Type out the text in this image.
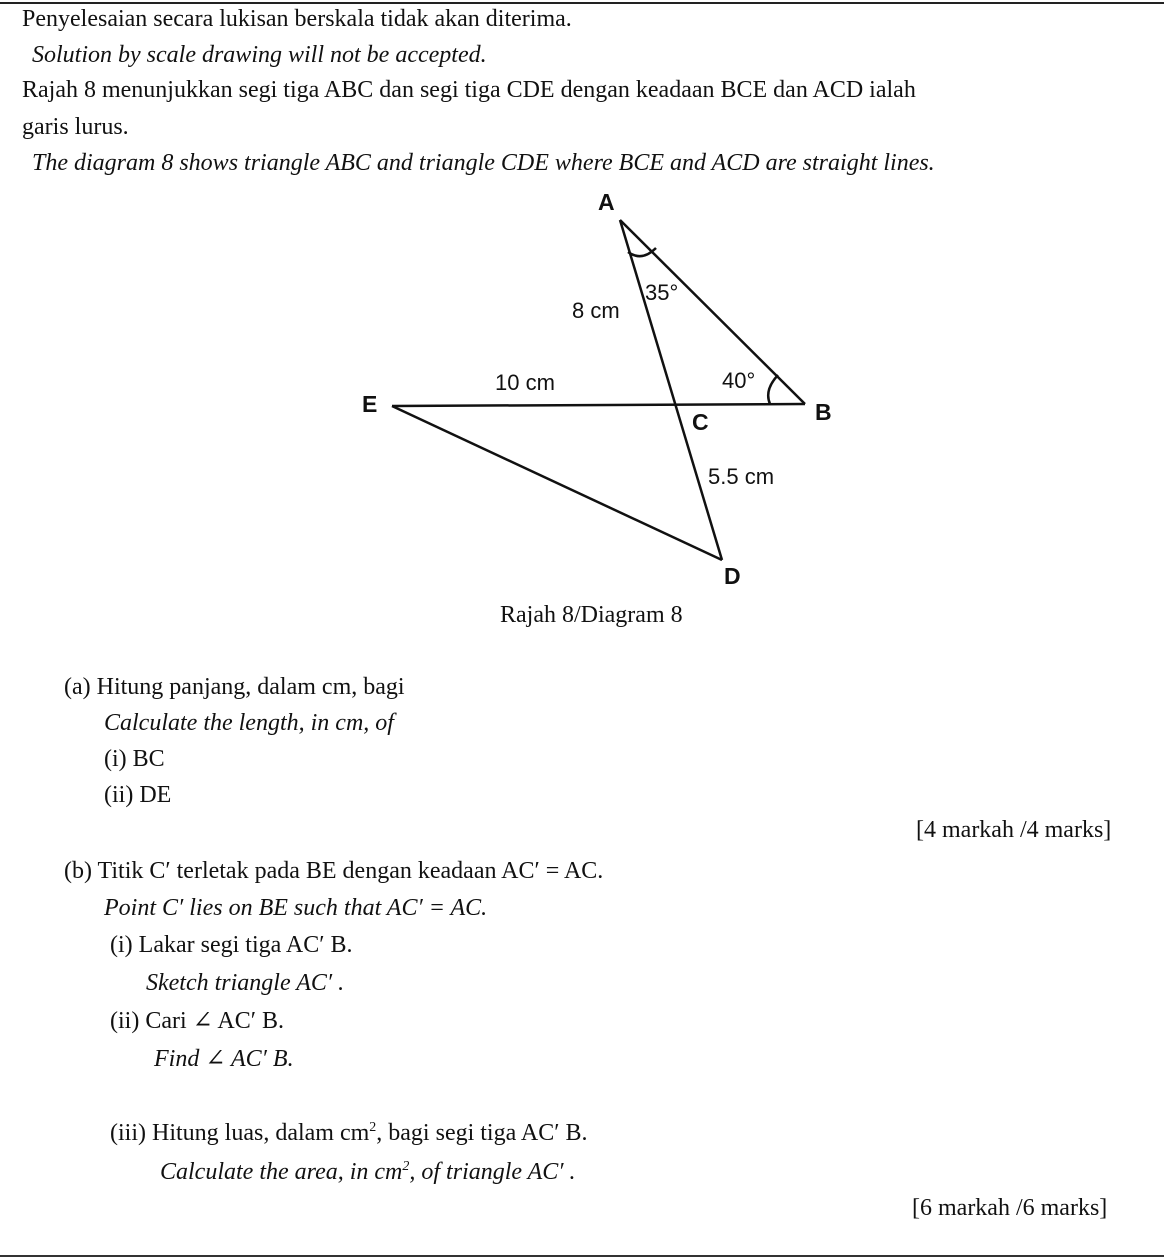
Penyelesaian secara lukisan berskala tidak akan diterima.
Solution by scale drawing will not be accepted.
Rajah 8 menunjukkan segi tiga ABC dan segi tiga CDE dengan keadaan BCE dan ACD ialah
garis lurus.
The diagram 8 shows triangle ABC and triangle CDE where BCE and ACD are straight lines.
A
B
C
D
E
8 cm
10 cm
5.5 cm
35°
40°
Rajah 8/Diagram 8
(a) Hitung panjang, dalam cm, bagi
Calculate the length, in cm, of
(i) BC
(ii) DE
[4 markah /4 marks]
(b) Titik C′ terletak pada BE dengan keadaan AC′ = AC.
Point C′ lies on BE such that AC′ = AC.
(i) Lakar segi tiga AC′ B.
Sketch triangle AC′ .
(ii) Cari ∠ AC′ B.
Find ∠ AC′ B.
(iii) Hitung luas, dalam $cm^2$, bagi segi tiga AC′ B.
Calculate the area, in $cm^2$, of triangle AC′ .
[6 markah /6 marks]
